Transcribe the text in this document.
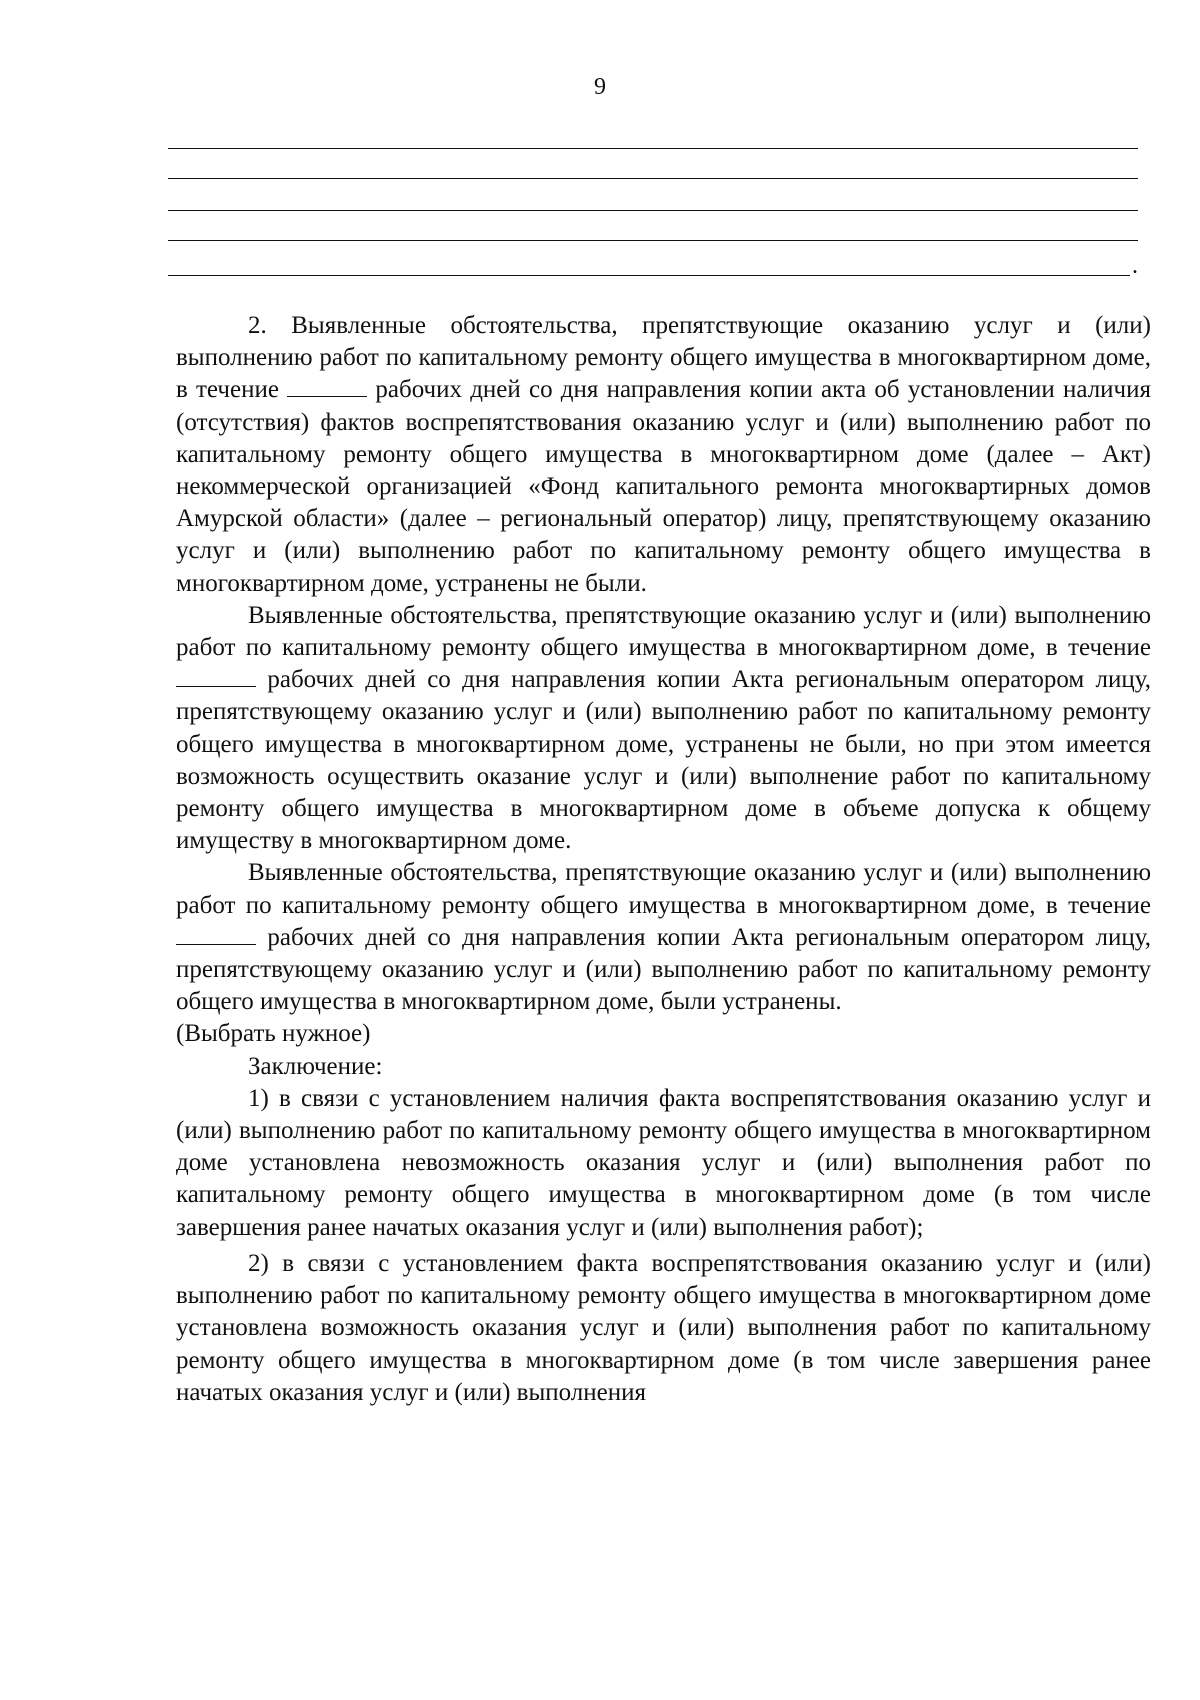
9
.

2. Выявленные обстоятельства, препятствующие оказанию услуг и (или) выполнению работ по капитальному ремонту общего имущества в многоквартирном доме, в течение	рабочих дней со дня направления копии акта об установлении наличия (отсутствия) фактов воспрепятствования оказанию услуг и (или) выполнению работ по капитальному ремонту общего имущества в многоквартирном доме (далее – Акт) некоммерческой организацией «Фонд капитального ремонта многоквартирных домов Амурской области» (далее – региональный оператор) лицу, препятствующему оказанию услуг и (или) выполнению работ по капитальному ремонту общего имущества в многоквартирном доме, устранены не были.

Выявленные обстоятельства, препятствующие оказанию услуг и (или) выполнению работ по капитальному ремонту общего имущества в многоквартирном доме, в течение  рабочих дней со дня направления копии Акта региональным оператором лицу, препятствующему оказанию услуг и (или) выполнению работ по капитальному ремонту общего имущества в многоквартирном доме, устранены не были, но при этом имеется возможность осуществить оказание услуг и (или) выполнение работ по капитальному ремонту общего имущества в многоквартирном доме в объеме допуска к общему имуществу в многоквартирном доме.

Выявленные обстоятельства, препятствующие оказанию услуг и (или) выполнению работ по капитальному ремонту общего имущества в многоквартирном доме, в течение  рабочих дней со дня направления копии Акта региональным оператором лицу, препятствующему оказанию услуг и (или) выполнению работ по капитальному ремонту общего имущества в многоквартирном доме, были устранены.

(Выбрать нужное)

Заключение:

1) в связи с установлением наличия факта воспрепятствования оказанию услуг и (или) выполнению работ по капитальному ремонту общего имущества в многоквартирном доме установлена невозможность оказания услуг и (или) выполнения работ по капитальному ремонту общего имущества в многоквартирном доме (в том числе завершения ранее начатых оказания услуг и (или) выполнения работ);

2) в связи с установлением факта воспрепятствования оказанию услуг и (или) выполнению работ по капитальному ремонту общего имущества в многоквартирном доме установлена возможность оказания услуг и (или) выполнения работ по капитальному ремонту общего имущества в многоквартирном доме (в том числе завершения ранее начатых оказания услуг и (или) выполнения
